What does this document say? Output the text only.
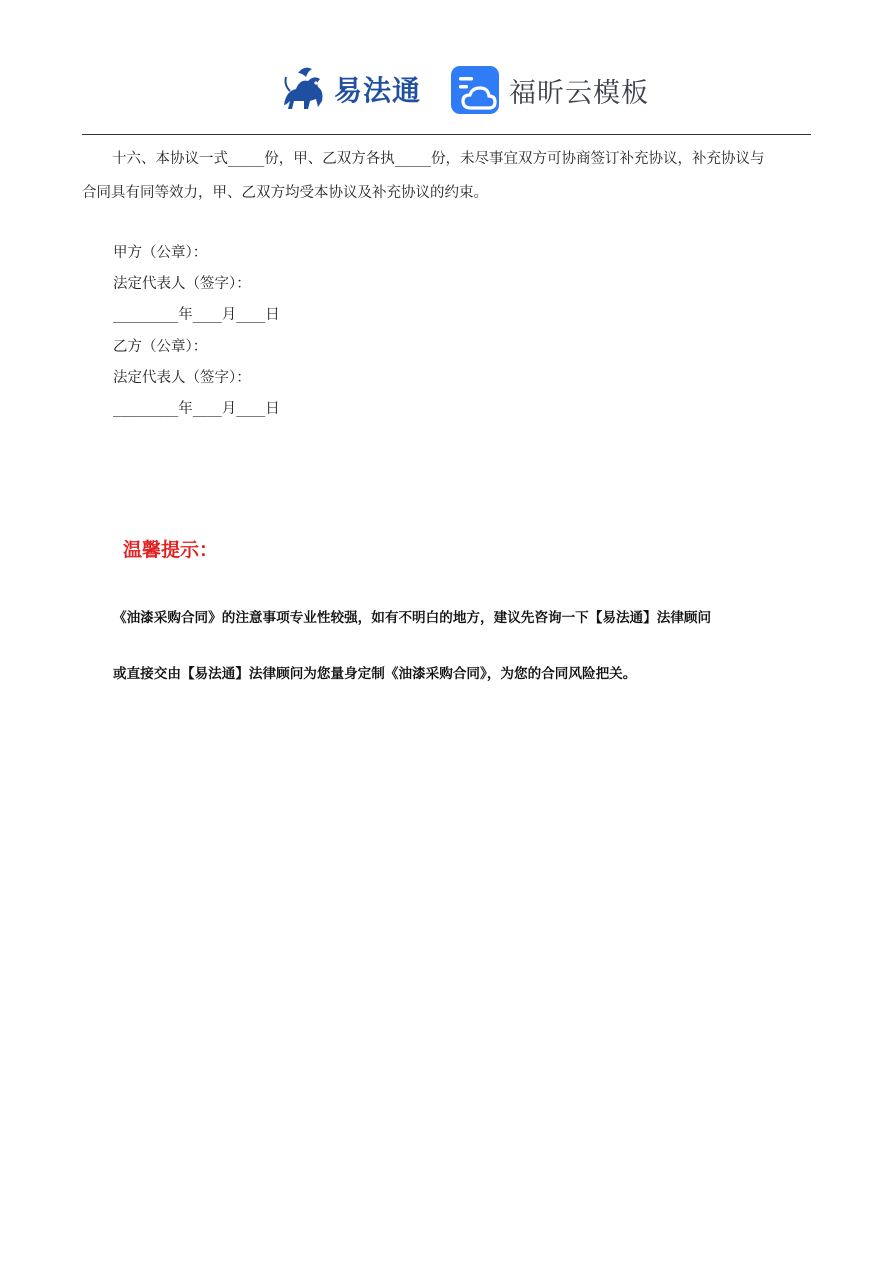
易法通	福昕云模板
十六、本协议一式_____份，甲、乙双方各执_____份，未尽事宜双方可协商签订补充协议，补充协议与
合同具有同等效力，甲、乙双方均受本协议及补充协议的约束。
甲方（公章）：
法定代表人（签字）：
_________年____月____日
乙方（公章）：
法定代表人（签字）：
_________年____月____日
温馨提示：
《油漆采购合同》的注意事项专业性较强，如有不明白的地方，建议先咨询一下【易法通】法律顾问
或直接交由【易法通】法律顾问为您量身定制《油漆采购合同》，为您的合同风险把关。
